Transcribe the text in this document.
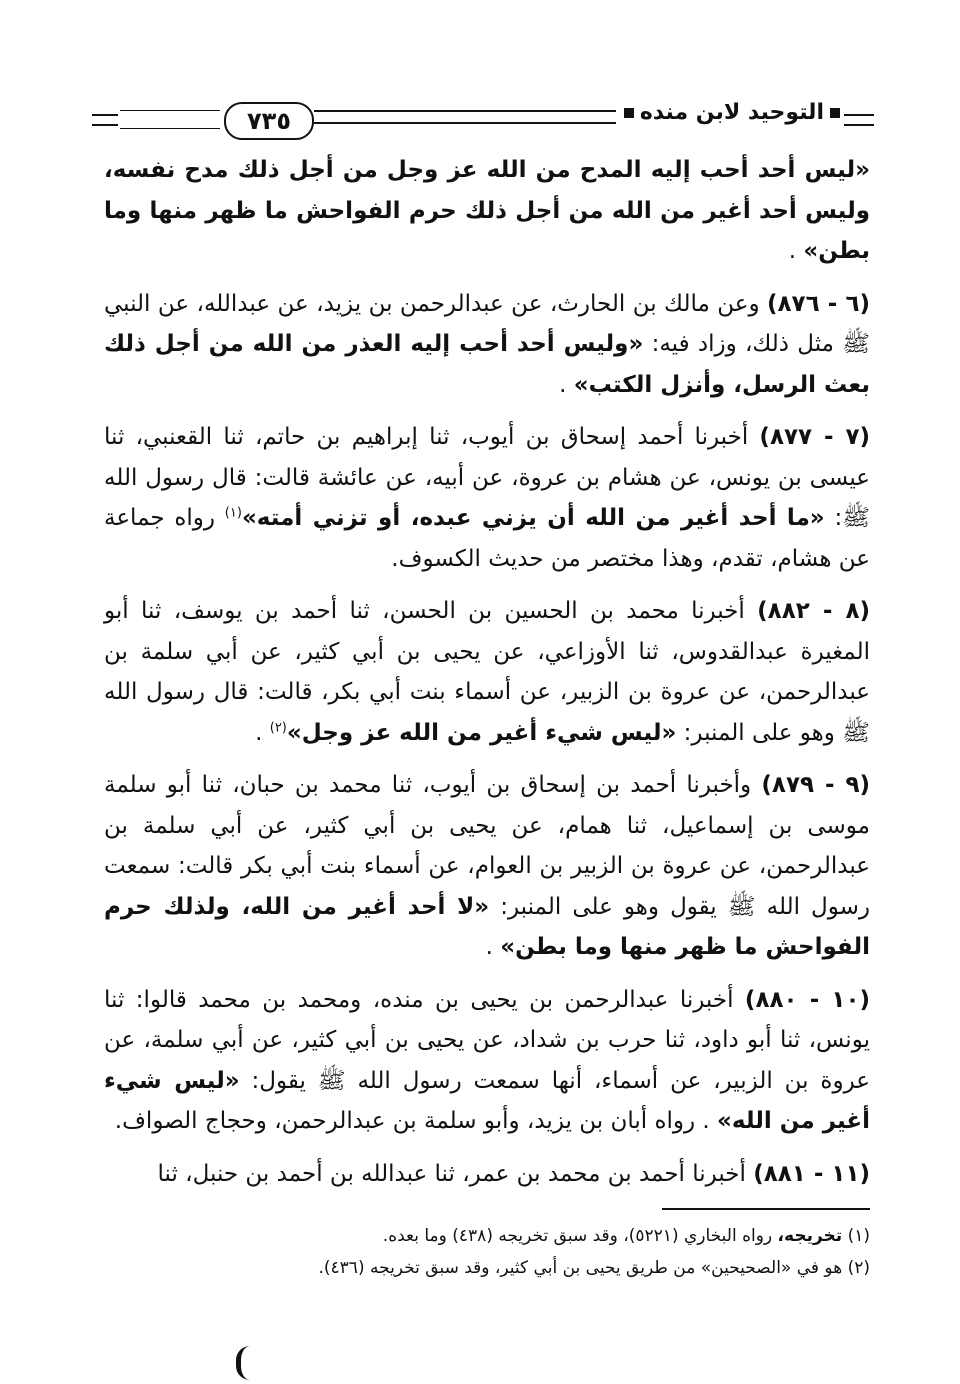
٧٣٥	التوحيد لابن منده

«ليس أحد أحب إليه المدح من الله عز وجل من أجل ذلك مدح نفسه، وليس أحد أغير من الله من أجل ذلك حرم الفواحش ما ظهر منها وما بطن» .

(٦ - ٨٧٦) وعن مالك بن الحارث، عن عبدالرحمن بن يزيد، عن عبدالله، عن النبي ﷺ مثل ذلك، وزاد فيه: «وليس أحد أحب إليه العذر من الله من أجل ذلك بعث الرسل، وأنزل الكتب» .

(٧ - ٨٧٧) أخبرنا أحمد إسحاق بن أيوب، ثنا إبراهيم بن حاتم، ثنا القعنبي، ثنا عيسى بن يونس، عن هشام بن عروة، عن أبيه، عن عائشة قالت: قال رسول الله ﷺ: «ما أحد أغير من الله أن يزني عبده، أو تزني أمته»$^{(١)}$ رواه جماعة عن هشام، تقدم، وهذا مختصر من حديث الكسوف.

(٨ - ٨٨٢) أخبرنا محمد بن الحسين بن الحسن، ثنا أحمد بن يوسف، ثنا أبو المغيرة عبدالقدوس، ثنا الأوزاعي، عن يحيى بن أبي كثير، عن أبي سلمة بن عبدالرحمن، عن عروة بن الزبير، عن أسماء بنت أبي بكر، قالت: قال رسول الله ﷺ وهو على المنبر: «ليس شيء أغير من الله عز وجل»$^{(٢)}$ .

(٩ - ٨٧٩) وأخبرنا أحمد بن إسحاق بن أيوب، ثنا محمد بن حبان، ثنا أبو سلمة موسى بن إسماعيل، ثنا همام، عن يحيى بن أبي كثير، عن أبي سلمة بن عبدالرحمن، عن عروة بن الزبير بن العوام، عن أسماء بنت أبي بكر قالت: سمعت رسول الله ﷺ يقول وهو على المنبر: «لا أحد أغير من الله، ولذلك حرم الفواحش ما ظهر منها وما بطن» .

(١٠ - ٨٨٠) أخبرنا عبدالرحمن بن يحيى بن منده، ومحمد بن محمد قالوا: ثنا يونس، ثنا أبو داود، ثنا حرب بن شداد، عن يحيى بن أبي كثير، عن أبي سلمة، عن عروة بن الزبير، عن أسماء، أنها سمعت رسول الله ﷺ يقول: «ليس شيء أغير من الله» . رواه أبان بن يزيد، وأبو سلمة بن عبدالرحمن، وحجاج الصواف.

(١١ - ٨٨١) أخبرنا أحمد بن محمد بن عمر، ثنا عبدالله بن أحمد بن حنبل، ثنا

(١) تخريجه، رواه البخاري (٥٢٢١)، وقد سبق تخريجه (٤٣٨) وما بعده.

(٢) هو في «الصحيحين» من طريق يحيى بن أبي كثير، وقد سبق تخريجه (٤٣٦).
